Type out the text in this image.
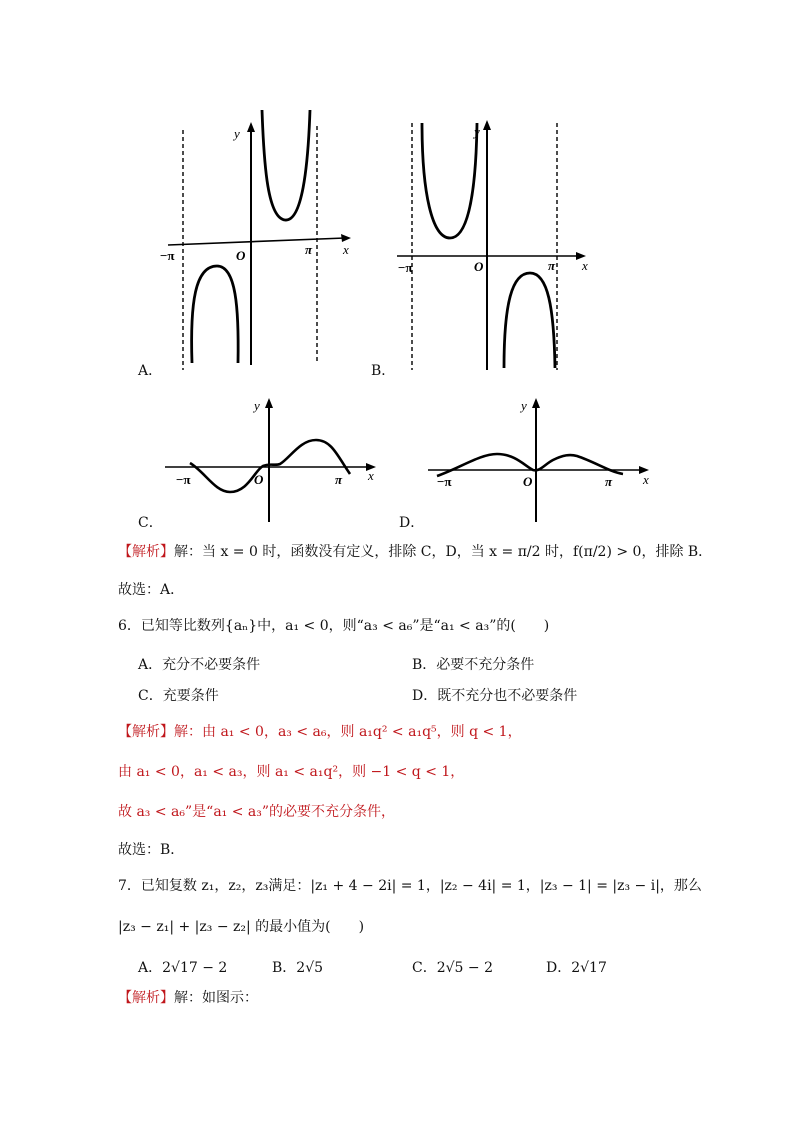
y
x
O
−π	π
A．
y
x
O
−π	π
B．
y
x
O
−π	π
C．
y
x
O
−π	π
D．
【解析】解：当 x = 0 时，函数没有定义，排除 C，D，当 x = π/2 时，f(π/2) > 0，排除 B．
故选：A．
6．已知等比数列{aₙ}中，a₁ < 0，则“a₃ < a₆”是“a₁ < a₃”的(　　)
A．充分不必要条件	B．必要不充分条件
C．充要条件	D．既不充分也不必要条件
【解析】解：由 a₁ < 0，a₃ < a₆，则 a₁q² < a₁q⁵，则 q < 1，
由 a₁ < 0，a₁ < a₃，则 a₁ < a₁q²，则 −1 < q < 1，
故 a₃ < a₆”是“a₁ < a₃”的必要不充分条件，
故选：B．
7．已知复数 z₁，z₂，z₃满足：|z₁ + 4 − 2i| = 1，|z₂ − 4i| = 1，|z₃ − 1| = |z₃ − i|，那么
|z₃ − z₁| + |z₃ − z₂| 的最小值为(　　)
A．2√17 − 2	B．2√5	C．2√5 − 2	D．2√17
【解析】解：如图示：
